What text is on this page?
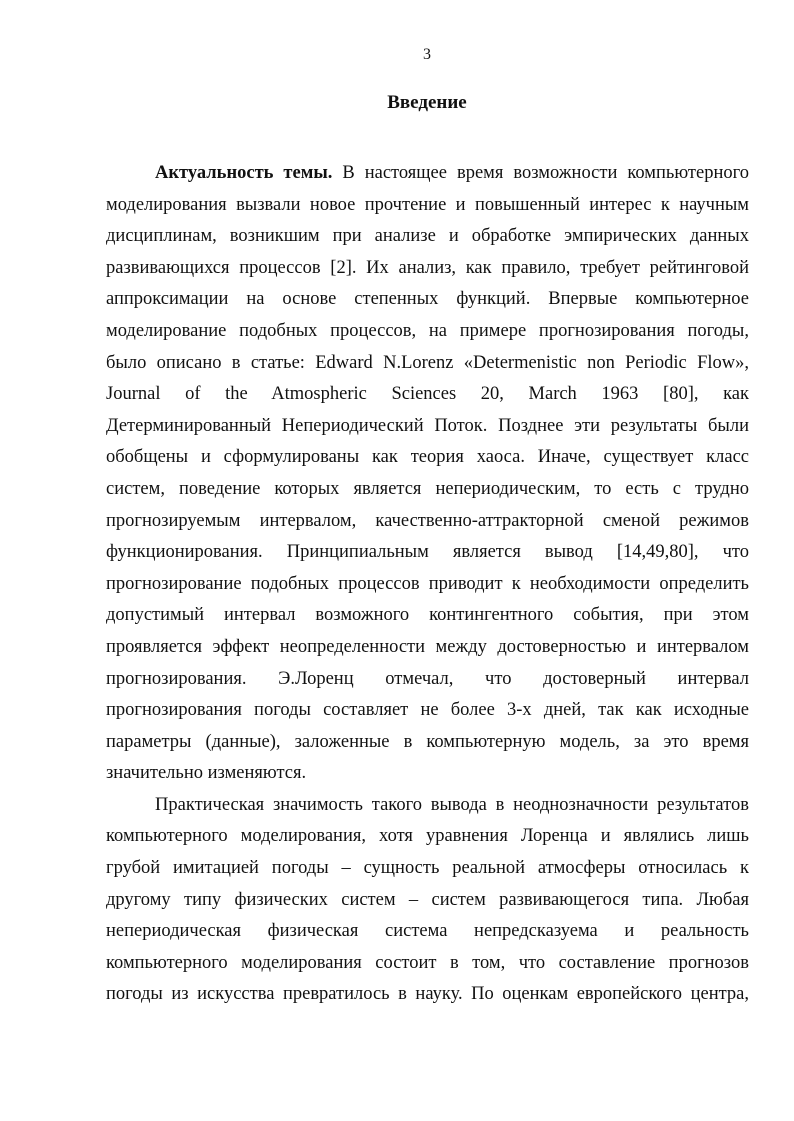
3
Введение
Актуальность темы. В настоящее время возможности компьютерного
моделирования вызвали новое прочтение и повышенный интерес к научным
дисциплинам, возникшим при анализе и обработке эмпирических данных
развивающихся процессов [2]. Их анализ, как правило, требует рейтинговой
аппроксимации на основе степенных функций. Впервые компьютерное
моделирование подобных процессов, на примере прогнозирования погоды,
было описано в статье: Edward N.Lorenz «Determenistic non Periodic Flow»,
Journal of the Atmospheric Sciences 20, March 1963 [80], как
Детерминированный Непериодический Поток. Позднее эти результаты были
обобщены и сформулированы как теория хаоса. Иначе, существует класс
систем, поведение которых является непериодическим, то есть с трудно
прогнозируемым интервалом, качественно-аттракторной сменой режимов
функционирования. Принципиальным является вывод [14,49,80], что
прогнозирование подобных процессов приводит к необходимости определить
допустимый интервал возможного контингентного события, при этом
проявляется эффект неопределенности между достоверностью и интервалом
прогнозирования. Э.Лоренц отмечал, что достоверный интервал
прогнозирования погоды составляет не более 3-х дней, так как исходные
параметры (данные), заложенные в компьютерную модель, за это время
значительно изменяются.
Практическая значимость такого вывода в неоднозначности результатов
компьютерного моделирования, хотя уравнения Лоренца и являлись лишь
грубой имитацией погоды – сущность реальной атмосферы относилась к
другому типу физических систем – систем развивающегося типа. Любая
непериодическая физическая система непредсказуема и реальность
компьютерного моделирования состоит в том, что составление прогнозов
погоды из искусства превратилось в науку. По оценкам европейского центра,
